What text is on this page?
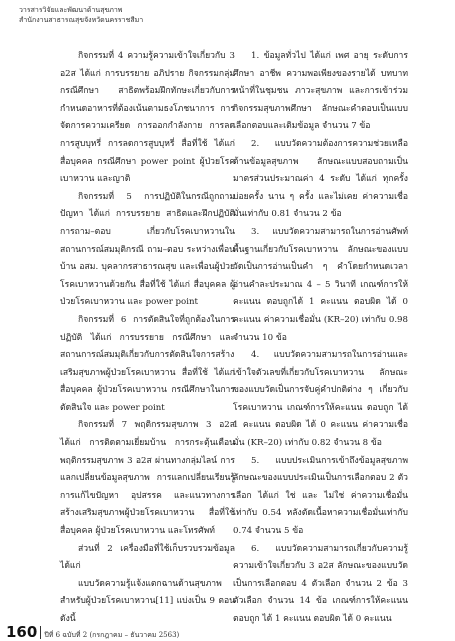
วารสารวิจัยและพัฒนาด้านสุขภาพ
สำนักงานสาธารณสุขจังหวัดนครราชสีมา

กิจกรรมที่ 4 ความรู้ความเข้าใจเกี่ยวกับ 3 อ2ส ได้แก่ การบรรยาย อภิปราย กิจกรรมกลุ่ม กรณีศึกษา สาธิตพร้อมฝึกทักษะเกี่ยวกับการกำหนดอาหารที่ต้องเน้นตามธงโภชนาการ การจัดการความเครียด การออกกำลังกาย การลดการสูบบุหรี่ การลดการสูบบุหรี่ สื่อที่ใช้ ได้แก่ สื่อบุคคล กรณีศึกษา power point ผู้ป่วยโรคเบาหวาน และญาติ

กิจกรรมที่ 5 การปฏิบัติในกรณีถูกถามปัญหา ได้แก่ การบรรยาย สาธิตและฝึกปฏิบัติการถาม–ตอบ เกี่ยวกับโรคเบาหวานในสถานการณ์สมมุติกรณี ถาม–ตอบ ระหว่างเพื่อนบ้าน อสม. บุคลากรสาธารณสุข และเพื่อนผู้ป่วยโรคเบาหวานด้วยกัน สื่อที่ใช้ ได้แก่ สื่อบุคคล ผู้ป่วยโรคเบาหวาน และ power point

กิจกรรมที่ 6 การตัดสินใจที่ถูกต้องในการปฏิบัติ ได้แก่ การบรรยาย กรณีศึกษา และสถานการณ์สมมุติเกี่ยวกับการตัดสินใจการสร้างเสริมสุขภาพผู้ป่วยโรคเบาหวาน สื่อที่ใช้ ได้แก่ สื่อบุคคล ผู้ป่วยโรคเบาหวาน กรณีศึกษาในการตัดสินใจ และ power point

กิจกรรมที่ 7 พฤติกรรมสุขภาพ 3 อ2ส ได้แก่ การติดตามเยี่ยมบ้าน การกระตุ้นเตือนพฤติกรรมสุขภาพ 3 อ2ส ผ่านทางกลุ่มไลน์ การแลกเปลี่ยนข้อมูลสุขภาพ การแลกเปลี่ยนเรียนรู้การแก้ไขปัญหา อุปสรรค และแนวทางการสร้างเสริมสุขภาพผู้ป่วยโรคเบาหวาน สื่อที่ใช้ สื่อบุคคล ผู้ป่วยโรคเบาหวาน และโทรศัพท์

ส่วนที่ 2 เครื่องมือที่ใช้เก็บรวบรวมข้อมูล ได้แก่

แบบวัดความรู้แจ้งแตกฉานด้านสุขภาพสำหรับผู้ป่วยโรคเบาหวาน[11] แบ่งเป็น 9 ตอน ดังนี้

1. ข้อมูลทั่วไป ได้แก่ เพศ อายุ ระดับการศึกษา อาชีพ ความพอเพียงของรายได้ บทบาทหน้าที่ในชุมชน ภาวะสุขภาพ และการเข้าร่วมกิจกรรมสุขภาพศึกษา ลักษณะคำตอบเป็นแบบเลือกตอบและเติมข้อมูล จำนวน 7 ข้อ

2. แบบวัดความต้องการความช่วยเหลือด้านข้อมูลสุขภาพ ลักษณะแบบสอบถามเป็นมาตรส่วนประมาณค่า 4 ระดับ ได้แก่ ทุกครั้ง บ่อยครั้ง นาน ๆ ครั้ง และไม่เคย ค่าความเชื่อมั่นเท่ากับ 0.81 จำนวน 2 ข้อ

3. แบบวัดความสามารถในการอ่านศัพท์พื้นฐานเกี่ยวกับโรคเบาหวาน ลักษณะของแบบวัดเป็นการอ่านเป็นคำ ๆ คำโดยกำหนดเวลาอ่านคำละประมาณ 4 – 5 วินาที เกณฑ์การให้คะแนน ตอบถูกได้ 1 คะแนน ตอบผิด ได้ 0 คะแนน ค่าความเชื่อมั่น (KR–20) เท่ากับ 0.98 จำนวน 10 ข้อ

4. แบบวัดความสามารถในการอ่านและเข้าใจตัวเลขที่เกี่ยวกับโรคเบาหวาน ลักษณะของแบบวัดเป็นการจับคู่คำปกติต่าง ๆ เกี่ยวกับโรคเบาหวาน เกณฑ์การให้คะแนน ตอบถูก ได้ 1 คะแนน ตอบผิด ได้ 0 คะแนน ค่าความเชื่อมั่น (KR–20) เท่ากับ 0.82 จำนวน 8 ข้อ

5. แบบประเมินการเข้าถึงข้อมูลสุขภาพ ลักษณะของแบบประเมินเป็นการเลือกตอบ 2 ตัวเลือก ได้แก่ ใช่ และ ไม่ใช่ ค่าความเชื่อมั่นเท่ากับ 0.54 หลังตัดเนื้อหาความเชื่อมั่นเท่ากับ 0.74 จำนวน 5 ข้อ

6. แบบวัดความสามารถเกี่ยวกับความรู้ความเข้าใจเกี่ยวกับ 3 อ2ส ลักษณะของแบบวัดเป็นการเลือกตอบ 4 ตัวเลือก จำนวน 2 ข้อ 3 ตัวเลือก จำนวน 14 ข้อ เกณฑ์การให้คะแนน ตอบถูก ได้ 1 คะแนน ตอบผิด ได้ 0 คะแนน

160 ปีที่ 6 ฉบับที่ 2 (กรกฎาคม – ธันวาคม 2563)
